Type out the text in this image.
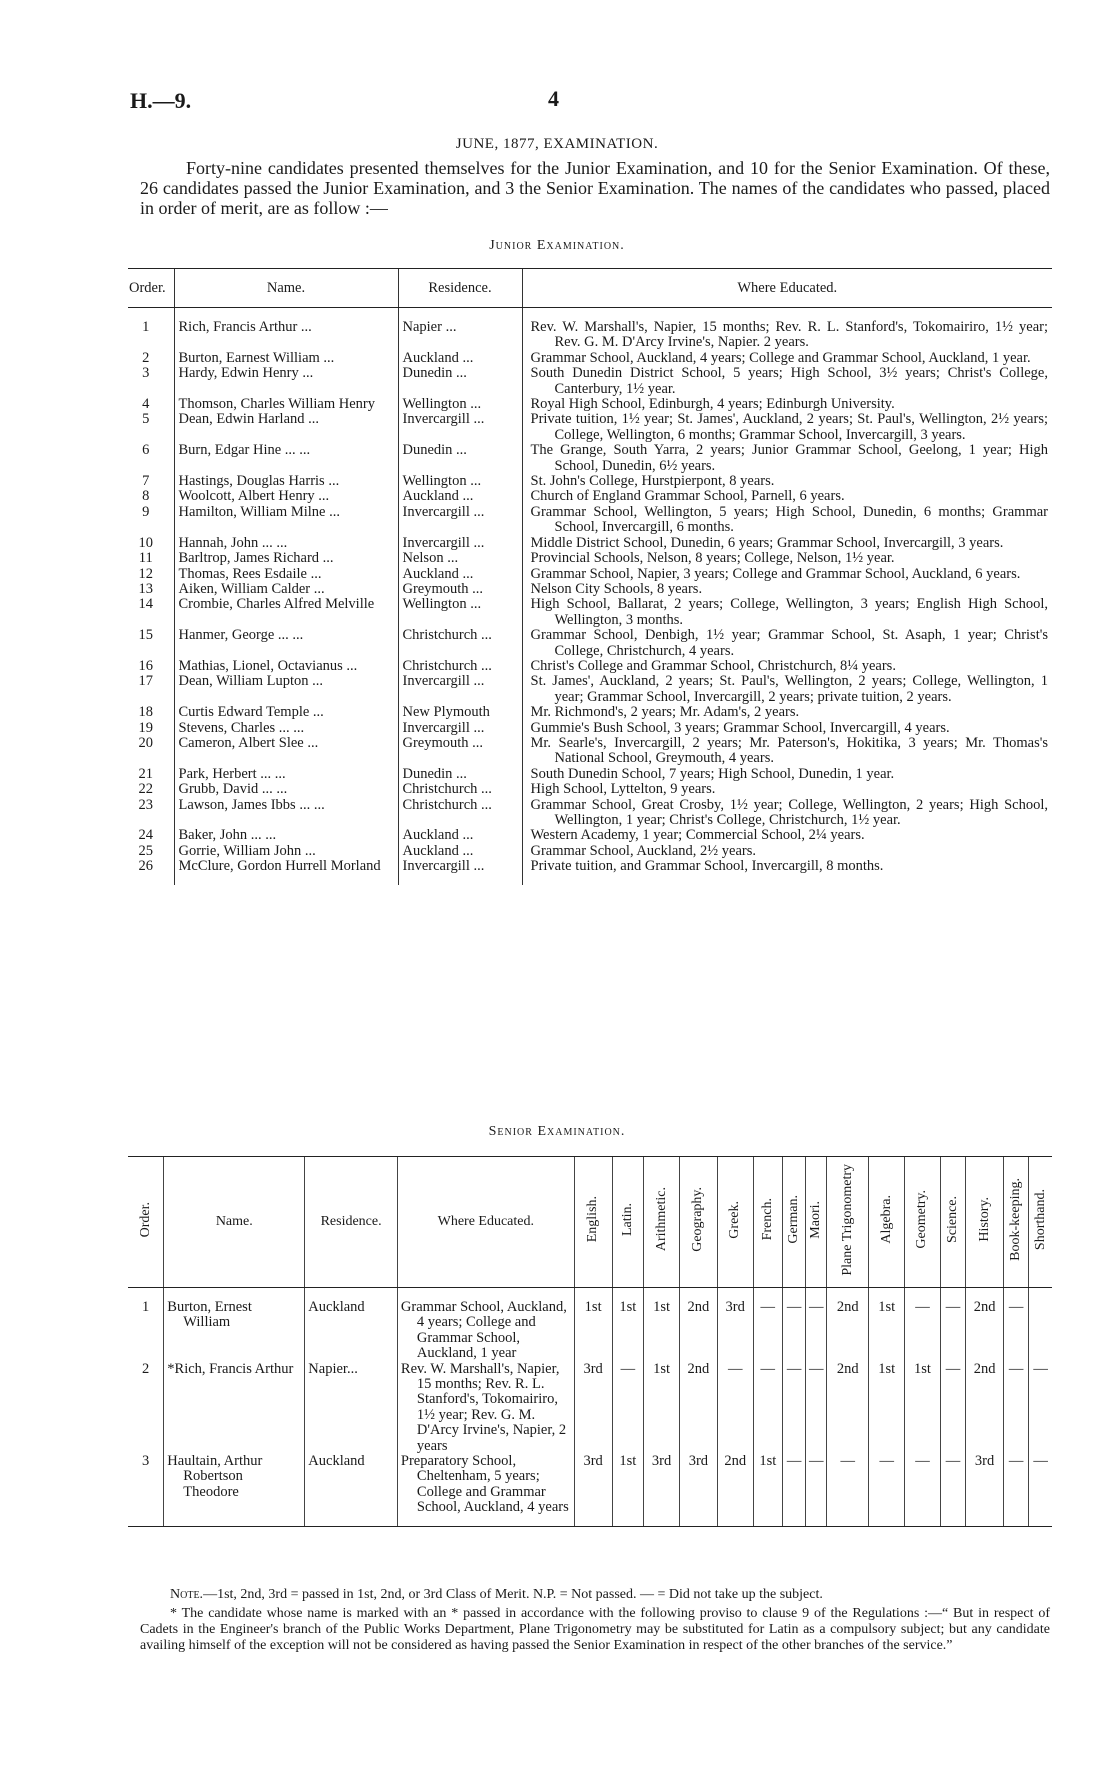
H.—9.	4
JUNE, 1877, EXAMINATION.

Forty-nine candidates presented themselves for the Junior Examination, and 10 for the Senior Examination. Of these, 26 candidates passed the Junior Examination, and 3 the Senior Examination. The names of the candidates who passed, placed in order of merit, are as follow :—

Junior Examination.
Order.	Name.	Residence.	Where Educated.
1	Rich, Francis Arthur ...	Napier ...	Rev. W. Marshall's, Napier, 15 months; Rev. R. L. Stanford's, Tokomairiro, 1½ year; Rev. G. M. D'Arcy Irvine's, Napier. 2 years.

2	Burton, Earnest William ...	Auckland ...	Grammar School, Auckland, 4 years; College and Grammar School, Auckland, 1 year.

3	Hardy, Edwin Henry ...	Dunedin ...	South Dunedin District School, 5 years; High School, 3½ years; Christ's College, Canterbury, 1½ year.

4	Thomson, Charles William Henry	Wellington ...	Royal High School, Edinburgh, 4 years; Edinburgh University.

5	Dean, Edwin Harland ...	Invercargill ...	Private tuition, 1½ year; St. James', Auckland, 2 years; St. Paul's, Wellington, 2½ years; College, Wellington, 6 months; Grammar School, Invercargill, 3 years.

6	Burn, Edgar Hine ... ...	Dunedin ...	The Grange, South Yarra, 2 years; Junior Grammar School, Geelong, 1 year; High School, Dunedin, 6½ years.

7	Hastings, Douglas Harris ...	Wellington ...	St. John's College, Hurstpierpont, 8 years.

8	Woolcott, Albert Henry ...	Auckland ...	Church of England Grammar School, Parnell, 6 years.

9	Hamilton, William Milne ...	Invercargill ...	Grammar School, Wellington, 5 years; High School, Dunedin, 6 months; Grammar School, Invercargill, 6 months.

10	Hannah, John ... ...	Invercargill ...	Middle District School, Dunedin, 6 years; Grammar School, Invercargill, 3 years.

11	Barltrop, James Richard ...	Nelson ...	Provincial Schools, Nelson, 8 years; College, Nelson, 1½ year.

12	Thomas, Rees Esdaile ...	Auckland ...	Grammar School, Napier, 3 years; College and Grammar School, Auckland, 6 years.

13	Aiken, William Calder ...	Greymouth ...	Nelson City Schools, 8 years.

14	Crombie, Charles Alfred Melville	Wellington ...	High School, Ballarat, 2 years; College, Wellington, 3 years; English High School, Wellington, 3 months.

15	Hanmer, George ... ...	Christchurch ...	Grammar School, Denbigh, 1½ year; Grammar School, St. Asaph, 1 year; Christ's College, Christchurch, 4 years.

16	Mathias, Lionel, Octavianus ...	Christchurch ...	Christ's College and Grammar School, Christchurch, 8¼ years.

17	Dean, William Lupton ...	Invercargill ...	St. James', Auckland, 2 years; St. Paul's, Wellington, 2 years; College, Wellington, 1 year; Grammar School, Invercargill, 2 years; private tuition, 2 years.

18	Curtis Edward Temple ...	New Plymouth	Mr. Richmond's, 2 years; Mr. Adam's, 2 years.

19	Stevens, Charles ... ...	Invercargill ...	Gummie's Bush School, 3 years; Grammar School, Invercargill, 4 years.

20	Cameron, Albert Slee ...	Greymouth ...	Mr. Searle's, Invercargill, 2 years; Mr. Paterson's, Hokitika, 3 years; Mr. Thomas's National School, Greymouth, 4 years.

21	Park, Herbert ... ...	Dunedin ...	South Dunedin School, 7 years; High School, Dunedin, 1 year.

22	Grubb, David ... ...	Christchurch ...	High School, Lyttelton, 9 years.

23	Lawson, James Ibbs ... ...	Christchurch ...	Grammar School, Great Crosby, 1½ year; College, Wellington, 2 years; High School, Wellington, 1 year; Christ's College, Christchurch, 1½ year.

24	Baker, John ... ...	Auckland ...	Western Academy, 1 year; Commercial School, 2¼ years.

25	Gorrie, William John ...	Auckland ...	Grammar School, Auckland, 2½ years.

26	McClure, Gordon Hurrell Morland	Invercargill ...	Private tuition, and Grammar School, Invercargill, 8 months.
Senior Examination.
Order.	Name.	Residence.	Where Educated.	English.	Latin.	Arithmetic.	Geography.	Greek.	French.	German.	Maori.	Plane Trigonometry	Algebra.	Geometry.	Science.	History.	Book-keeping.	Shorthand.
1	Burton, Ernest William	Auckland	Grammar School, Auckland, 4 years; College and Grammar School, Auckland, 1 year	1st	1st	1st	2nd	3rd	—	—	—	2nd	1st	—	—	2nd	—	
2	*Rich, Francis Arthur	Napier...	Rev. W. Marshall's, Napier, 15 months; Rev. R. L. Stanford's, Tokomairiro, 1½ year; Rev. G. M. D'Arcy Irvine's, Napier, 2 years	3rd	—	1st	2nd	—	—	—	—	2nd	1st	1st	—	2nd	—	—
3	Haultain, Arthur Robertson Theodore	Auckland	Preparatory School, Cheltenham, 5 years; College and Grammar School, Auckland, 4 years	3rd	1st	3rd	3rd	2nd	1st	—	—	—	—	—	—	3rd	—	—

Note.—1st, 2nd, 3rd = passed in 1st, 2nd, or 3rd Class of Merit. N.P. = Not passed. — = Did not take up the subject.

* The candidate whose name is marked with an * passed in accordance with the following proviso to clause 9 of the Regulations :—“ But in respect of Cadets in the Engineer's branch of the Public Works Department, Plane Trigonometry may be substituted for Latin as a compulsory subject; but any candidate availing himself of the exception will not be considered as having passed the Senior Examination in respect of the other branches of the service.”
